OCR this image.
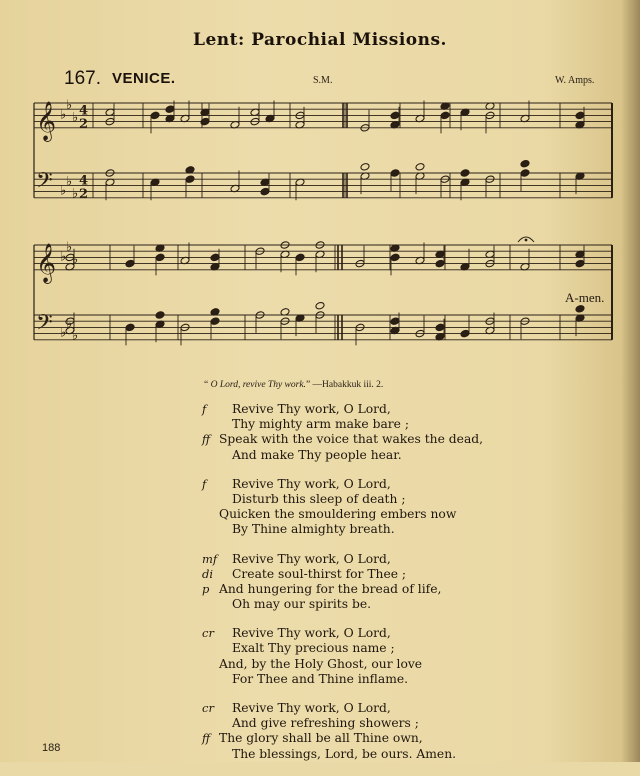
Lent: Parochial Missions.
167. VENICE.	S.M.	W. Amps.
𝄞 ♭
♭
♭ 4
2
𝄢 ♭
♭
♭
4
2
𝄞 ♭
♭
♭
𝄢 ♭
♭
♭
A-men.
“ O Lord, revive Thy work.” —Habakkuk iii. 2.
f Revive Thy work, O Lord,
Thy mighty arm make bare ;
ff Speak with the voice that wakes the dead,
And make Thy people hear.
f Revive Thy work, O Lord,
Disturb this sleep of death ;
Quicken the smouldering embers now
By Thine almighty breath.
mf Revive Thy work, O Lord,
di Create soul-thirst for Thee ;
p And hungering for the bread of life,
Oh may our spirits be.
cr Revive Thy work, O Lord,
Exalt Thy precious name ;
And, by the Holy Ghost, our love
For Thee and Thine inflame.
cr Revive Thy work, O Lord,
And give refreshing showers ;
ff The glory shall be all Thine own,
The blessings, Lord, be ours. Amen.
188
